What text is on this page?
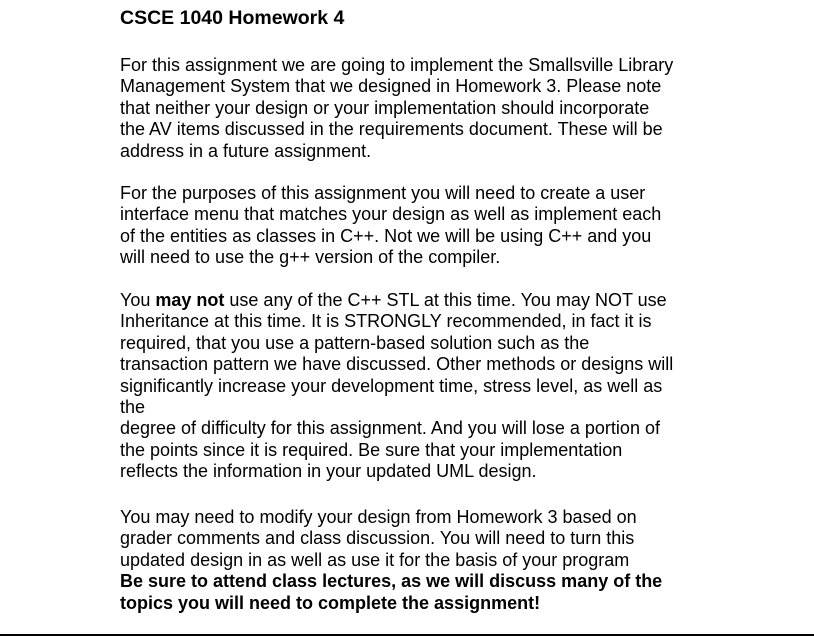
CSCE 1040 Homework 4

For this assignment we are going to implement the Smallsville Library
Management System that we designed in Homework 3. Please note
that neither your design or your implementation should incorporate
the AV items discussed in the requirements document. These will be
address in a future assignment.

For the purposes of this assignment you will need to create a user
interface menu that matches your design as well as implement each
of the entities as classes in C++. Not we will be using C++ and you
will need to use the g++ version of the compiler.

You may not use any of the C++ STL at this time. You may NOT use
Inheritance at this time. It is STRONGLY recommended, in fact it is
required, that you use a pattern-based solution such as the
transaction pattern we have discussed. Other methods or designs will
significantly increase your development time, stress level, as well as
the
degree of difficulty for this assignment. And you will lose a portion of
the points since it is required. Be sure that your implementation
reflects the information in your updated UML design.

You may need to modify your design from Homework 3 based on
grader comments and class discussion. You will need to turn this
updated design in as well as use it for the basis of your program
Be sure to attend class lectures, as we will discuss many of the
topics you will need to complete the assignment!
